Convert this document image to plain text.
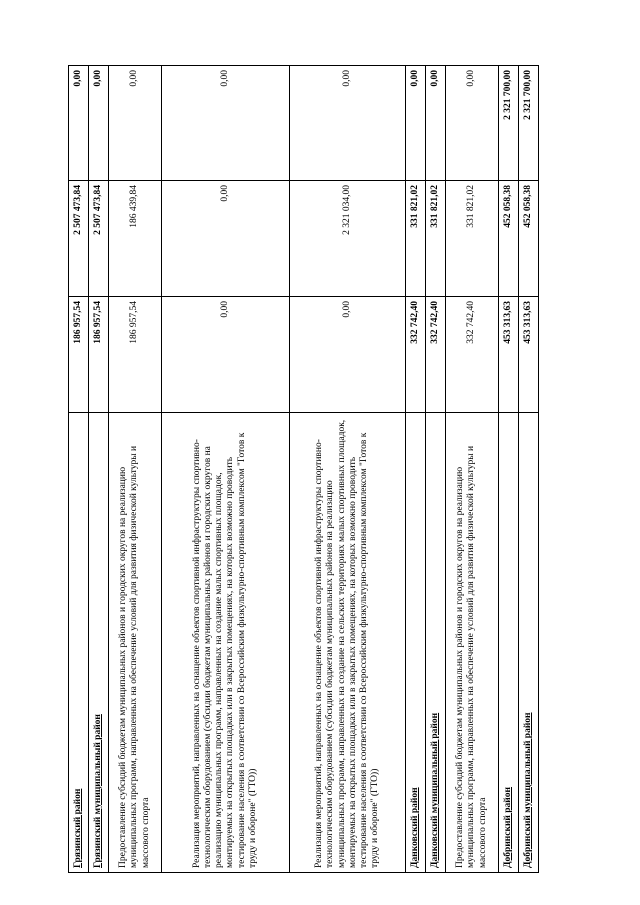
Грязинский район	186 957,54	2 507 473,84	0,00
Грязинский муниципальный район	186 957,54	2 507 473,84	0,00
Предоставление субсидий бюджетам муниципальных районов и городских округов на реализацию муниципальных программ, направленных на обеспечение условий для развития физической культуры и массового спорта	186 957,54	186 439,84	0,00
Реализация мероприятий, направленных на оснащение объектов спортивной инфраструктуры спортивно-технологическим оборудованием (субсидии бюджетам муниципальных районов и городских округов на реализацию муниципальных программ, направленных на создание малых спортивных площадок, монтируемых на открытых площадках или в закрытых помещениях, на которых возможно проводить тестирование населения в соответствии со Всероссийским физкультурно-спортивным комплексом "Готов к труду и обороне" (ГТО))	0,00	0,00	0,00
Реализация мероприятий, направленных на оснащение объектов спортивной инфраструктуры спортивно-технологическим оборудованием (субсидии бюджетам муниципальных районов на реализацию муниципальных программ, направленных на создание на сельских территориях малых спортивных площадок, монтируемых на открытых площадках или в закрытых помещениях, на которых возможно проводить тестирование населения в соответствии со Всероссийским физкультурно-спортивным комплексом "Готов к труду и обороне" (ГТО))	0,00	2 321 034,00	0,00
Данковский район	332 742,40	331 821,02	0,00
Данковский муниципальный район	332 742,40	331 821,02	0,00
Предоставление субсидий бюджетам муниципальных районов и городских округов на реализацию муниципальных программ, направленных на обеспечение условий для развития физической культуры и массового спорта	332 742,40	331 821,02	0,00
Добринский район	453 313,63	452 058,38	2 321 700,00
Добринский муниципальный район	453 313,63	452 058,38	2 321 700,00
